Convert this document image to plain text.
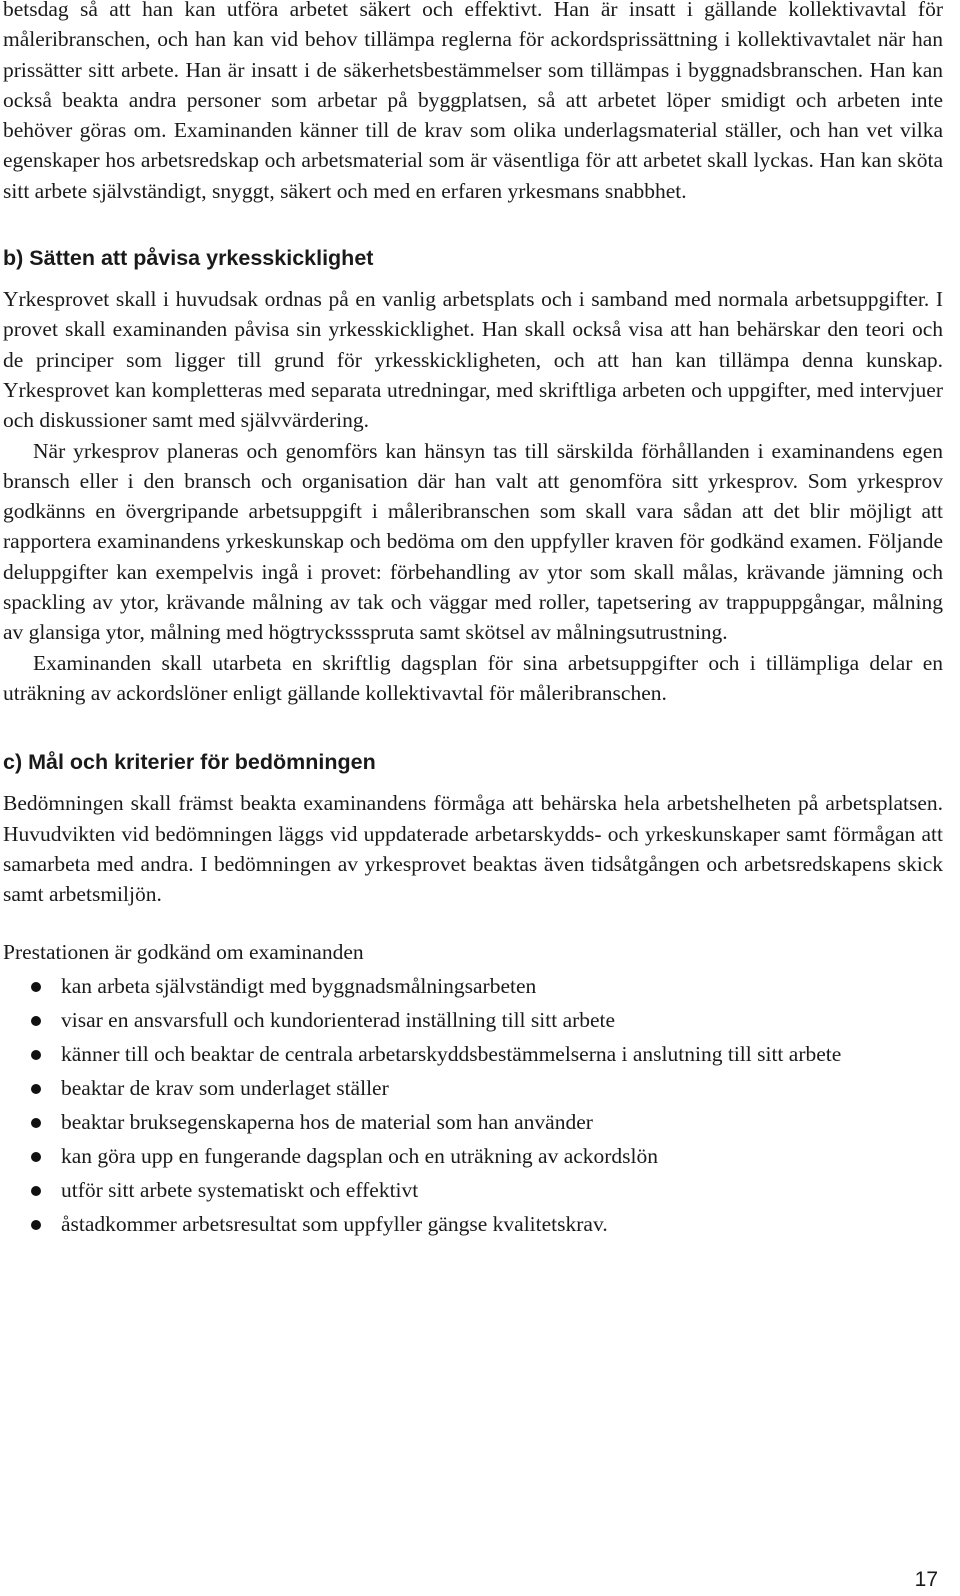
betsdag så att han kan utföra arbetet säkert och effektivt. Han är insatt i gällande kollektivavtal för måleribranschen, och han kan vid behov tillämpa reglerna för ackordsprissättning i kollektivavtalet när han prissätter sitt arbete. Han är insatt i de säkerhetsbestämmelser som tillämpas i byggnadsbranschen. Han kan också beakta andra personer som arbetar på byggplatsen, så att arbetet löper smidigt och arbeten inte behöver göras om. Examinanden känner till de krav som olika underlagsmaterial ställer, och han vet vilka egenskaper hos arbetsredskap och arbetsmaterial som är väsentliga för att arbetet skall lyckas. Han kan sköta sitt arbete självständigt, snyggt, säkert och med en erfaren yrkesmans snabbhet.

b) Sätten att påvisa yrkesskicklighet

Yrkesprovet skall i huvudsak ordnas på en vanlig arbetsplats och i samband med normala arbetsuppgifter. I provet skall examinanden påvisa sin yrkesskicklighet. Han skall också visa att han behärskar den teori och de principer som ligger till grund för yrkesskickligheten, och att han kan tillämpa denna kunskap. Yrkesprovet kan kompletteras med separata utredningar, med skriftliga arbeten och uppgifter, med intervjuer och diskussioner samt med självvärdering.

När yrkesprov planeras och genomförs kan hänsyn tas till särskilda förhållanden i examinandens egen bransch eller i den bransch och organisation där han valt att genomföra sitt yrkesprov. Som yrkesprov godkänns en övergripande arbetsuppgift i måleribranschen som skall vara sådan att det blir möjligt att rapportera examinandens yrkeskunskap och bedöma om den uppfyller kraven för godkänd examen. Följande deluppgifter kan exempelvis ingå i provet: förbehandling av ytor som skall målas, krävande jämning och spackling av ytor, krävande målning av tak och väggar med roller, tapetsering av trappuppgångar, målning av glansiga ytor, målning med högtryckssspruta samt skötsel av målningsutrustning.

Examinanden skall utarbeta en skriftlig dagsplan för sina arbetsuppgifter och i tillämpliga delar en uträkning av ackordslöner enligt gällande kollektivavtal för måleribranschen.

c) Mål och kriterier för bedömningen

Bedömningen skall främst beakta examinandens förmåga att behärska hela arbetshelheten på arbetsplatsen. Huvudvikten vid bedömningen läggs vid uppdaterade arbetarskydds- och yrkeskunskaper samt förmågan att samarbeta med andra. I bedömningen av yrkesprovet beaktas även tidsåtgången och arbetsredskapens skick samt arbetsmiljön.

Prestationen är godkänd om examinanden

kan arbeta självständigt med byggnadsmålningsarbeten
visar en ansvarsfull och kundorienterad inställning till sitt arbete
känner till och beaktar de centrala arbetarskyddsbestämmelserna i anslutning till sitt arbete
beaktar de krav som underlaget ställer
beaktar bruksegenskaperna hos de material som han använder
kan göra upp en fungerande dagsplan och en uträkning av ackordslön
utför sitt arbete systematiskt och effektivt
åstadkommer arbetsresultat som uppfyller gängse kvalitetskrav.
17
